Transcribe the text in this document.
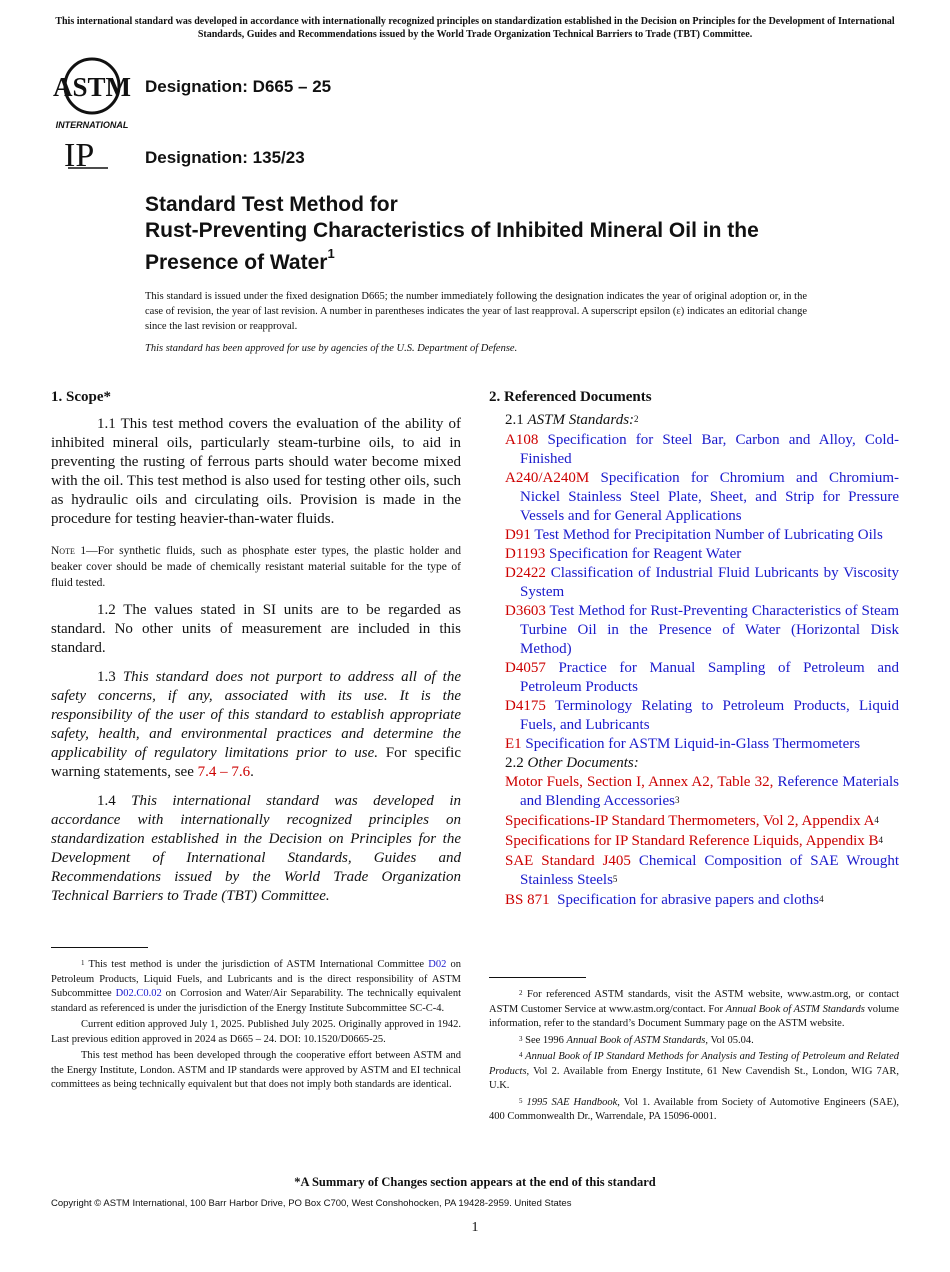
This international standard was developed in accordance with internationally recognized principles on standardization established in the Decision on Principles for the Development of International Standards, Guides and Recommendations issued by the World Trade Organization Technical Barriers to Trade (TBT) Committee.
ASTM
INTERNATIONAL
IP
Designation: D665 – 25
Designation: 135/23
Standard Test Method for
Rust-Preventing Characteristics of Inhibited Mineral Oil in the Presence of Water$^1$
This standard is issued under the fixed designation D665; the number immediately following the designation indicates the year of original adoption or, in the case of revision, the year of last revision. A number in parentheses indicates the year of last reapproval. A superscript epsilon (ε) indicates an editorial change since the last revision or reapproval.
This standard has been approved for use by agencies of the U.S. Department of Defense.
1. Scope*

1.1 This test method covers the evaluation of the ability of inhibited mineral oils, particularly steam-turbine oils, to aid in preventing the rusting of ferrous parts should water become mixed with the oil. This test method is also used for testing other oils, such as hydraulic oils and circulating oils. Provision is made in the procedure for testing heavier-than-water fluids.

Note 1—For synthetic fluids, such as phosphate ester types, the plastic holder and beaker cover should be made of chemically resistant material suitable for the type of fluid tested.

1.2 The values stated in SI units are to be regarded as standard. No other units of measurement are included in this standard.

1.3 This standard does not purport to address all of the safety concerns, if any, associated with its use. It is the responsibility of the user of this standard to establish appropriate safety, health, and environmental practices and determine the applicability of regulatory limitations prior to use. For specific warning statements, see 7.4 – 7.6.

1.4 This international standard was developed in accordance with internationally recognized principles on standardization established in the Decision on Principles for the Development of International Standards, Guides and Recommendations issued by the World Trade Organization Technical Barriers to Trade (TBT) Committee.

2. Referenced Documents
2.1 ASTM Standards:$^2$
A108 Specification for Steel Bar, Carbon and Alloy, Cold-Finished
A240/A240M Specification for Chromium and Chromium-Nickel Stainless Steel Plate, Sheet, and Strip for Pressure Vessels and for General Applications
D91 Test Method for Precipitation Number of Lubricating Oils
D1193 Specification for Reagent Water
D2422 Classification of Industrial Fluid Lubricants by Viscosity System
D3603 Test Method for Rust-Preventing Characteristics of Steam Turbine Oil in the Presence of Water (Horizontal Disk Method)
D4057 Practice for Manual Sampling of Petroleum and Petroleum Products
D4175 Terminology Relating to Petroleum Products, Liquid Fuels, and Lubricants
E1 Specification for ASTM Liquid-in-Glass Thermometers
2.2 Other Documents:
Motor Fuels, Section I, Annex A2, Table 32, Reference Materials and Blending Accessories$^3$
Specifications-IP Standard Thermometers, Vol 2, Appendix $A^4$
Specifications for IP Standard Reference Liquids, Appendix $B^4$
SAE Standard J405 Chemical Composition of SAE Wrought Stainless Steels$^5$
BS 871  Specification for abrasive papers and cloths$^4$

$^1$ This test method is under the jurisdiction of ASTM International Committee D02 on Petroleum Products, Liquid Fuels, and Lubricants and is the direct responsibility of ASTM Subcommittee D02.C0.02 on Corrosion and Water/Air Separability. The technically equivalent standard as referenced is under the jurisdiction of the Energy Institute Subcommittee SC-C-4.

Current edition approved July 1, 2025. Published July 2025. Originally approved in 1942. Last previous edition approved in 2024 as D665 – 24. DOI: 10.1520/D0665-25.

This test method has been developed through the cooperative effort between ASTM and the Energy Institute, London. ASTM and IP standards were approved by ASTM and EI technical committees as being technically equivalent but that does not imply both standards are identical.

$^2$ For referenced ASTM standards, visit the ASTM website, www.astm.org, or contact ASTM Customer Service at www.astm.org/contact. For Annual Book of ASTM Standards volume information, refer to the standard’s Document Summary page on the ASTM website.

$^3$ See 1996 Annual Book of ASTM Standards, Vol 05.04.

$^4$ Annual Book of IP Standard Methods for Analysis and Testing of Petroleum and Related Products, Vol 2. Available from Energy Institute, 61 New Cavendish St., London, WIG 7AR, U.K.

$^5$ 1995 SAE Handbook, Vol 1. Available from Society of Automotive Engineers (SAE), 400 Commonwealth Dr., Warrendale, PA 15096-0001.

*A Summary of Changes section appears at the end of this standard
Copyright © ASTM International, 100 Barr Harbor Drive, PO Box C700, West Conshohocken, PA 19428-2959. United States
1
